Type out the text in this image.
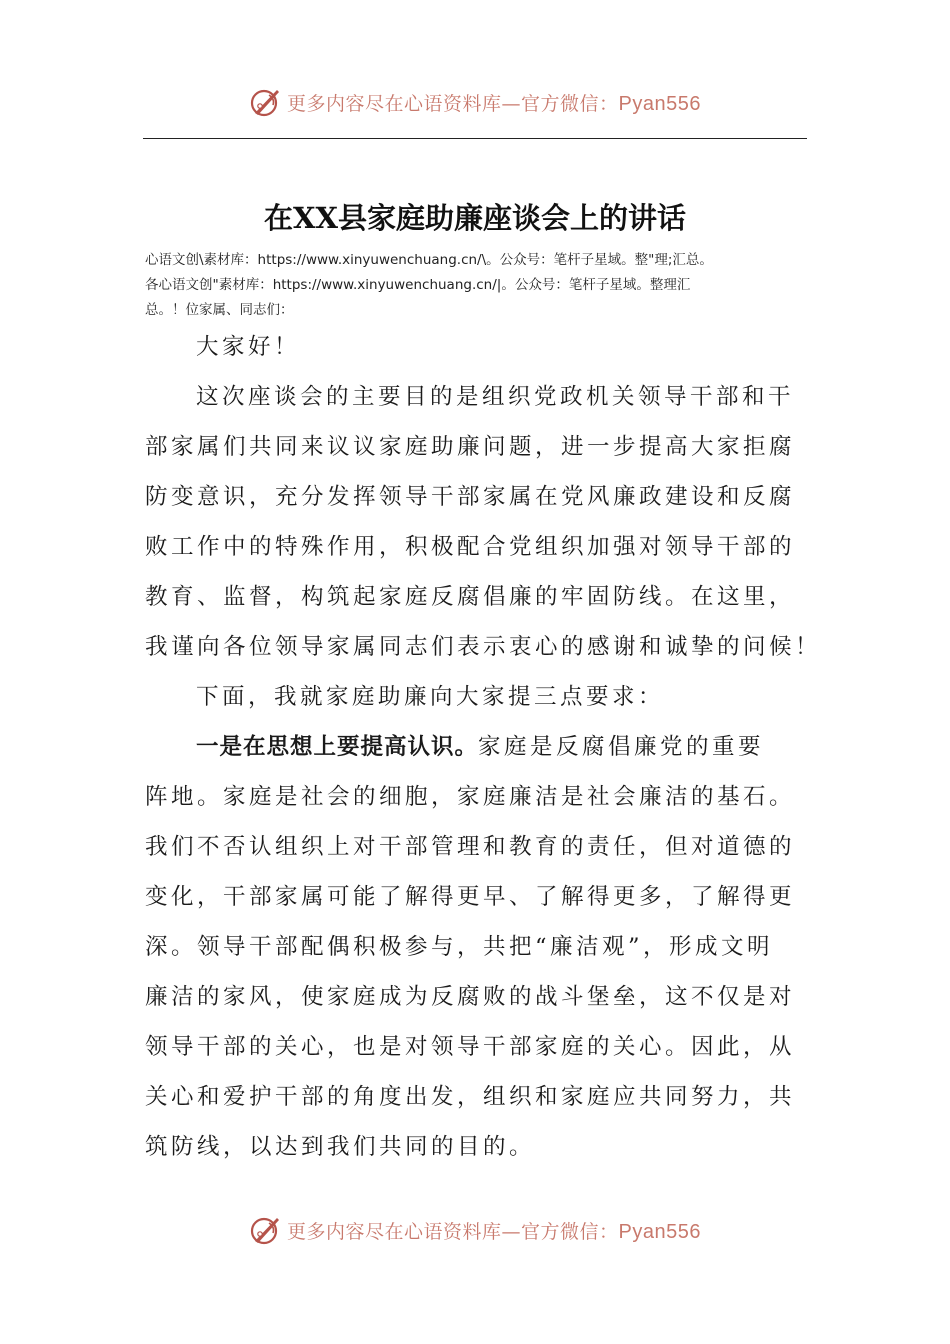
更多内容尽在心语资料库—官方微信：Pyan556
在XX县家庭助廉座谈会上的讲话
心语文创\素材库：https://www.xinyuwenchuang.cn/\。公众号：笔杆子星域。整"理;汇总。
各心语文创"素材库：https://www.xinyuwenchuang.cn/|。公众号：笔杆子星域。整理汇
总。！位家属、同志们：
大家好！
这次座谈会的主要目的是组织党政机关领导干部和干
部家属们共同来议议家庭助廉问题，进一步提高大家拒腐
防变意识，充分发挥领导干部家属在党风廉政建设和反腐
败工作中的特殊作用，积极配合党组织加强对领导干部的
教育、监督，构筑起家庭反腐倡廉的牢固防线。在这里，
我谨向各位领导家属同志们表示衷心的感谢和诚挚的问候！
下面，我就家庭助廉向大家提三点要求：
一是在思想上要提高认识。家庭是反腐倡廉党的重要
阵地。家庭是社会的细胞，家庭廉洁是社会廉洁的基石。
我们不否认组织上对干部管理和教育的责任，但对道德的
变化，干部家属可能了解得更早、了解得更多，了解得更
深。领导干部配偶积极参与，共把“廉洁观”，形成文明
廉洁的家风，使家庭成为反腐败的战斗堡垒，这不仅是对
领导干部的关心，也是对领导干部家庭的关心。因此，从
关心和爱护干部的角度出发，组织和家庭应共同努力，共
筑防线，以达到我们共同的目的。
更多内容尽在心语资料库—官方微信：Pyan556
